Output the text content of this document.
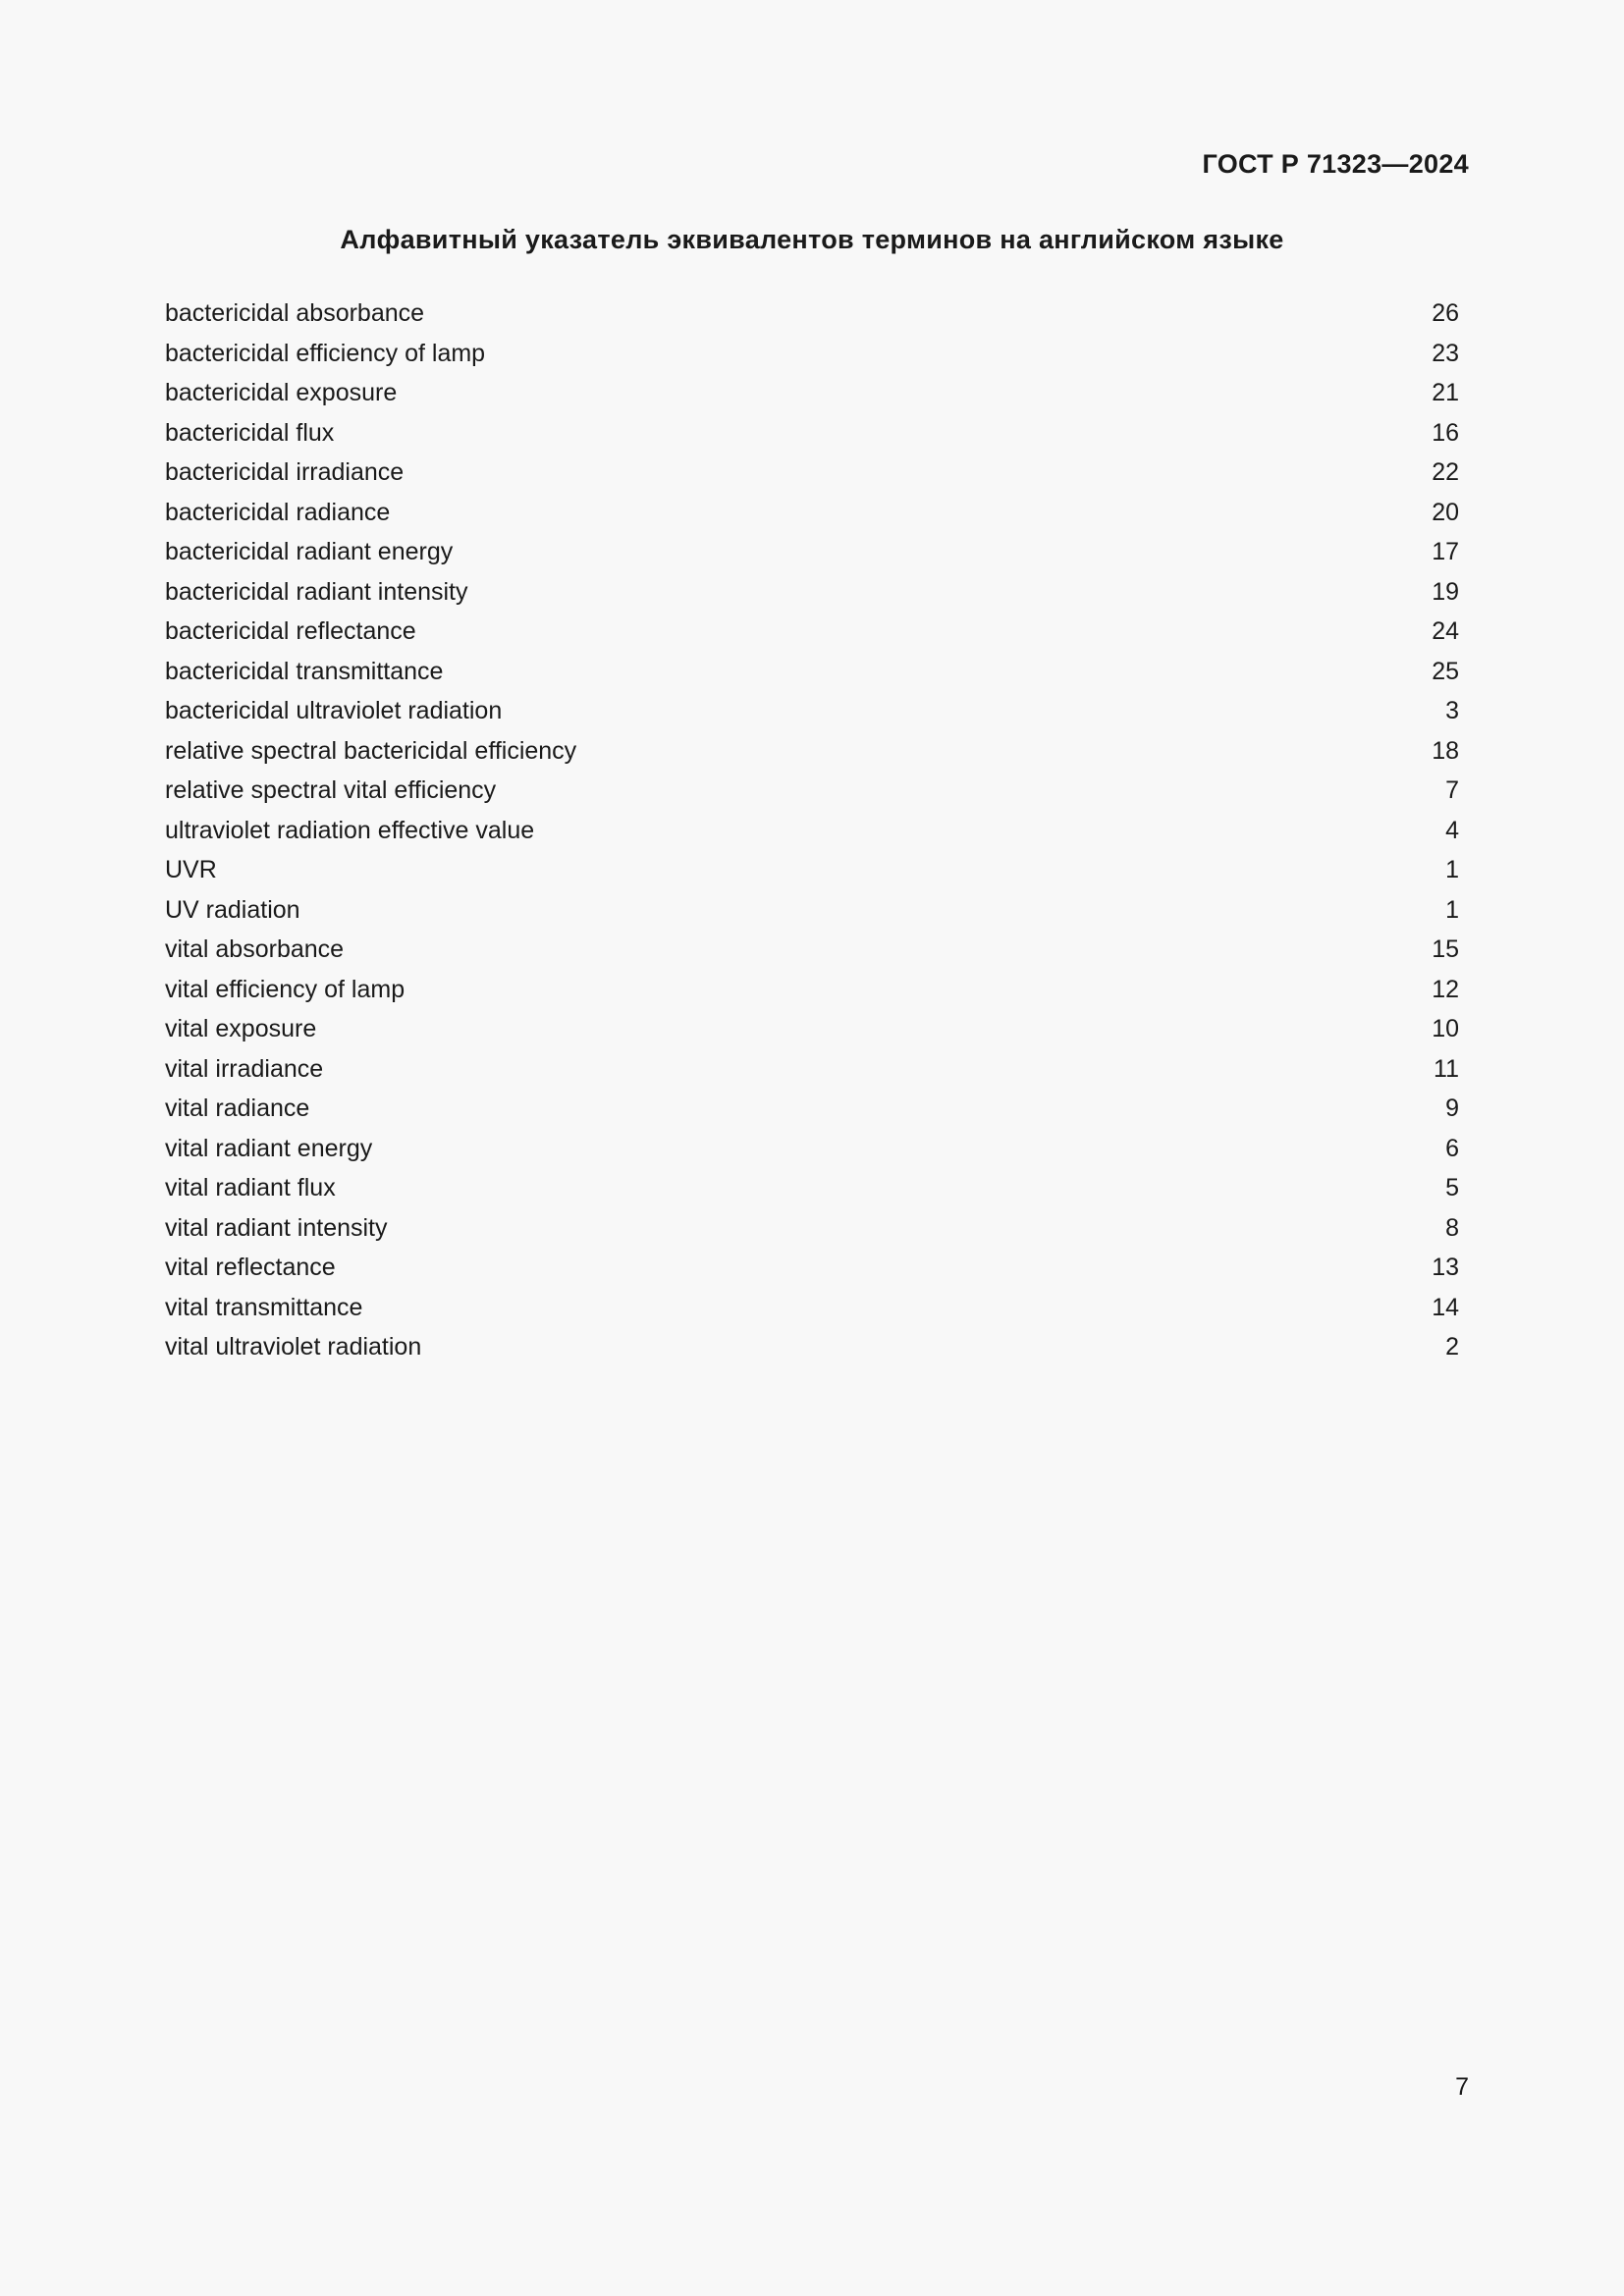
ГОСТ Р 71323—2024
Алфавитный указатель эквивалентов терминов на английском языке
bactericidal absorbance	26
bactericidal efficiency of lamp	23
bactericidal exposure	21
bactericidal flux	16
bactericidal irradiance	22
bactericidal radiance	20
bactericidal radiant energy	17
bactericidal radiant intensity	19
bactericidal reflectance	24
bactericidal transmittance	25
bactericidal ultraviolet radiation	3
relative spectral bactericidal efficiency	18
relative spectral vital efficiency	7
ultraviolet radiation effective value	4
UVR	1
UV radiation	1
vital absorbance	15
vital efficiency of lamp	12
vital exposure	10
vital irradiance	11
vital radiance	9
vital radiant energy	6
vital radiant flux	5
vital radiant intensity	8
vital reflectance	13
vital transmittance	14
vital ultraviolet radiation	2
7
